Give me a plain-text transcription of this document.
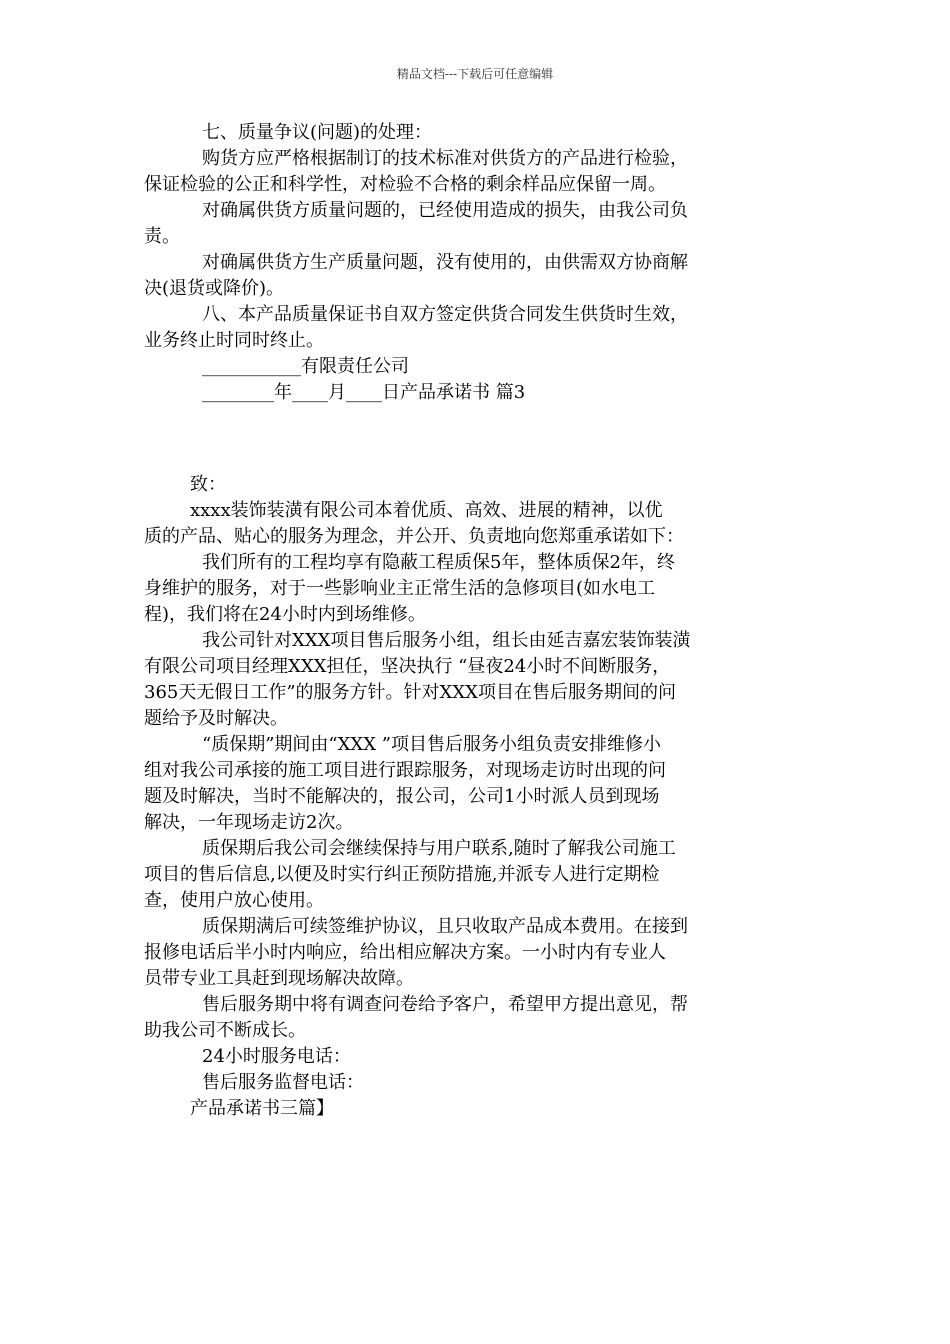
精品文档---下载后可任意编辑
七、质量争议(问题)的处理：
购货方应严格根据制订的技术标准对供货方的产品进行检验，
保证检验的公正和科学性，对检验不合格的剩余样品应保留一周。
对确属供货方质量问题的，已经使用造成的损失，由我公司负
责。
对确属供货方生产质量问题，没有使用的，由供需双方协商解
决(退货或降价)。
八、本产品质量保证书自双方签定供货合同发生供货时生效，
业务终止时同时终止。
___________有限责任公司
________年____月____日产品承诺书 篇3
致：
xxxx装饰装潢有限公司本着优质、高效、进展的精神，以优
质的产品、贴心的服务为理念，并公开、负责地向您郑重承诺如下：
我们所有的工程均享有隐蔽工程质保5年，整体质保2年，终
身维护的服务，对于一些影响业主正常生活的急修项目(如水电工
程)，我们将在24小时内到场维修。
我公司针对XXX项目售后服务小组，组长由延吉嘉宏装饰装潢
有限公司项目经理XXX担任，坚决执行 “昼夜24小时不间断服务，
365天无假日工作”的服务方针。针对XXX项目在售后服务期间的问
题给予及时解决。
“质保期”期间由“XXX ”项目售后服务小组负责安排维修小
组对我公司承接的施工项目进行跟踪服务，对现场走访时出现的问
题及时解决，当时不能解决的，报公司，公司1小时派人员到现场
解决，一年现场走访2次。
质保期后我公司会继续保持与用户联系,随时了解我公司施工
项目的售后信息,以便及时实行纠正预防措施,并派专人进行定期检
查，使用户放心使用。
质保期满后可续签维护协议，且只收取产品成本费用。在接到
报修电话后半小时内响应，给出相应解决方案。一小时内有专业人
员带专业工具赶到现场解决故障。
售后服务期中将有调查问卷给予客户，希望甲方提出意见，帮
助我公司不断成长。
24小时服务电话：
售后服务监督电话：
产品承诺书三篇】
